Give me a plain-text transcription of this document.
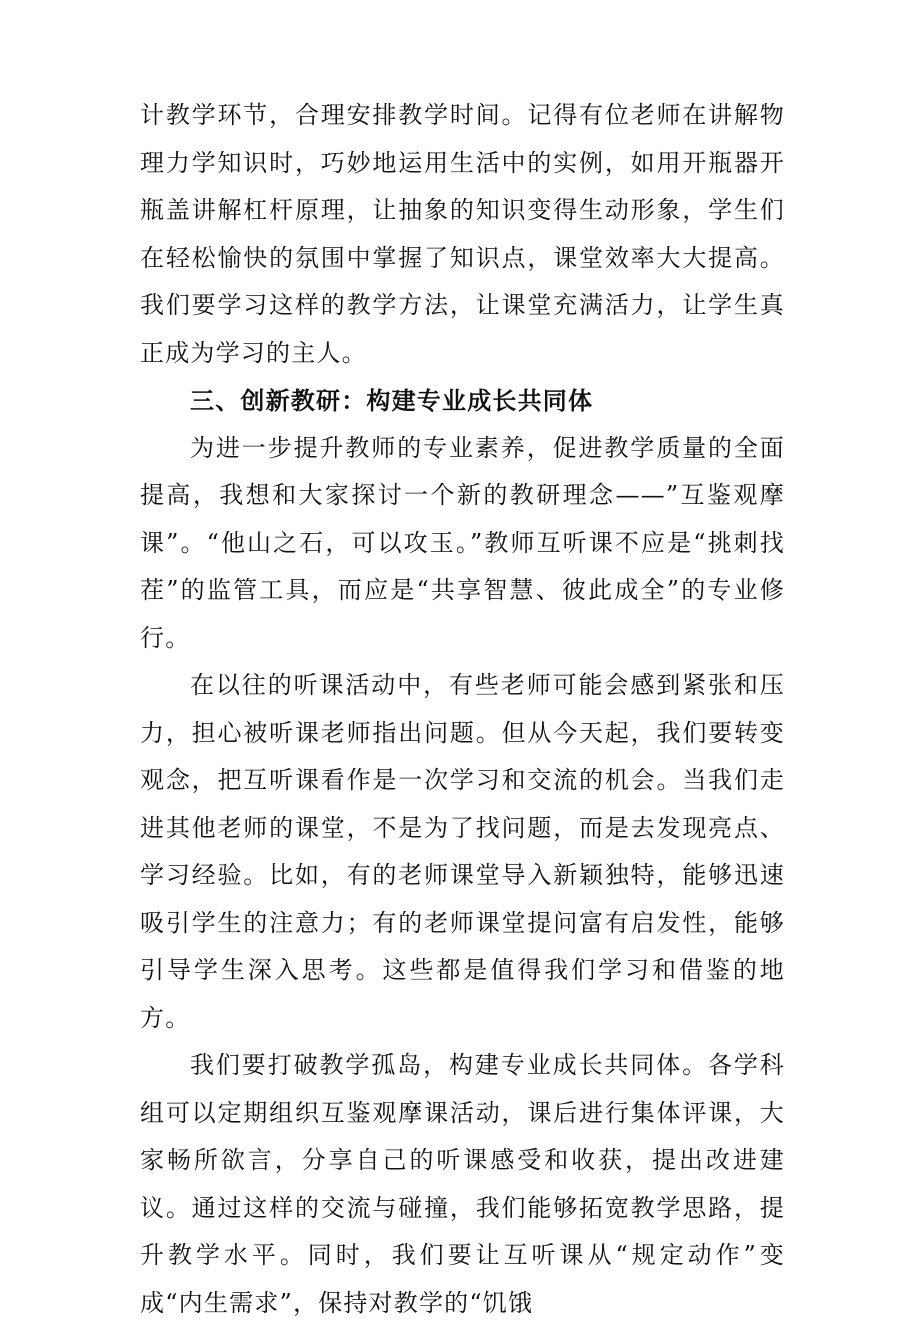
计教学环节，合理安排教学时间。记得有位老师在讲解物理力学知识时，巧妙地运用生活中的实例，如用开瓶器开瓶盖讲解杠杆原理，让抽象的知识变得生动形象，学生们在轻松愉快的氛围中掌握了知识点，课堂效率大大提高。我们要学习这样的教学方法，让课堂充满活力，让学生真正成为学习的主人。

三、创新教研：构建专业成长共同体

为进一步提升教师的专业素养，促进教学质量的全面提高，我想和大家探讨一个新的教研理念——”互鉴观摩课”。“他山之石，可以攻玉。”教师互听课不应是“挑刺找茬”的监管工具，而应是“共享智慧、彼此成全”的专业修行。

在以往的听课活动中，有些老师可能会感到紧张和压力，担心被听课老师指出问题。但从今天起，我们要转变观念，把互听课看作是一次学习和交流的机会。当我们走进其他老师的课堂，不是为了找问题，而是去发现亮点、学习经验。比如，有的老师课堂导入新颖独特，能够迅速吸引学生的注意力；有的老师课堂提问富有启发性，能够引导学生深入思考。这些都是值得我们学习和借鉴的地方。

我们要打破教学孤岛，构建专业成长共同体。各学科组可以定期组织互鉴观摩课活动，课后进行集体评课，大家畅所欲言，分享自己的听课感受和收获，提出改进建议。通过这样的交流与碰撞，我们能够拓宽教学思路，提升教学水平。同时，我们要让互听课从“规定动作”变成“内生需求”，保持对教学的“饥饿
